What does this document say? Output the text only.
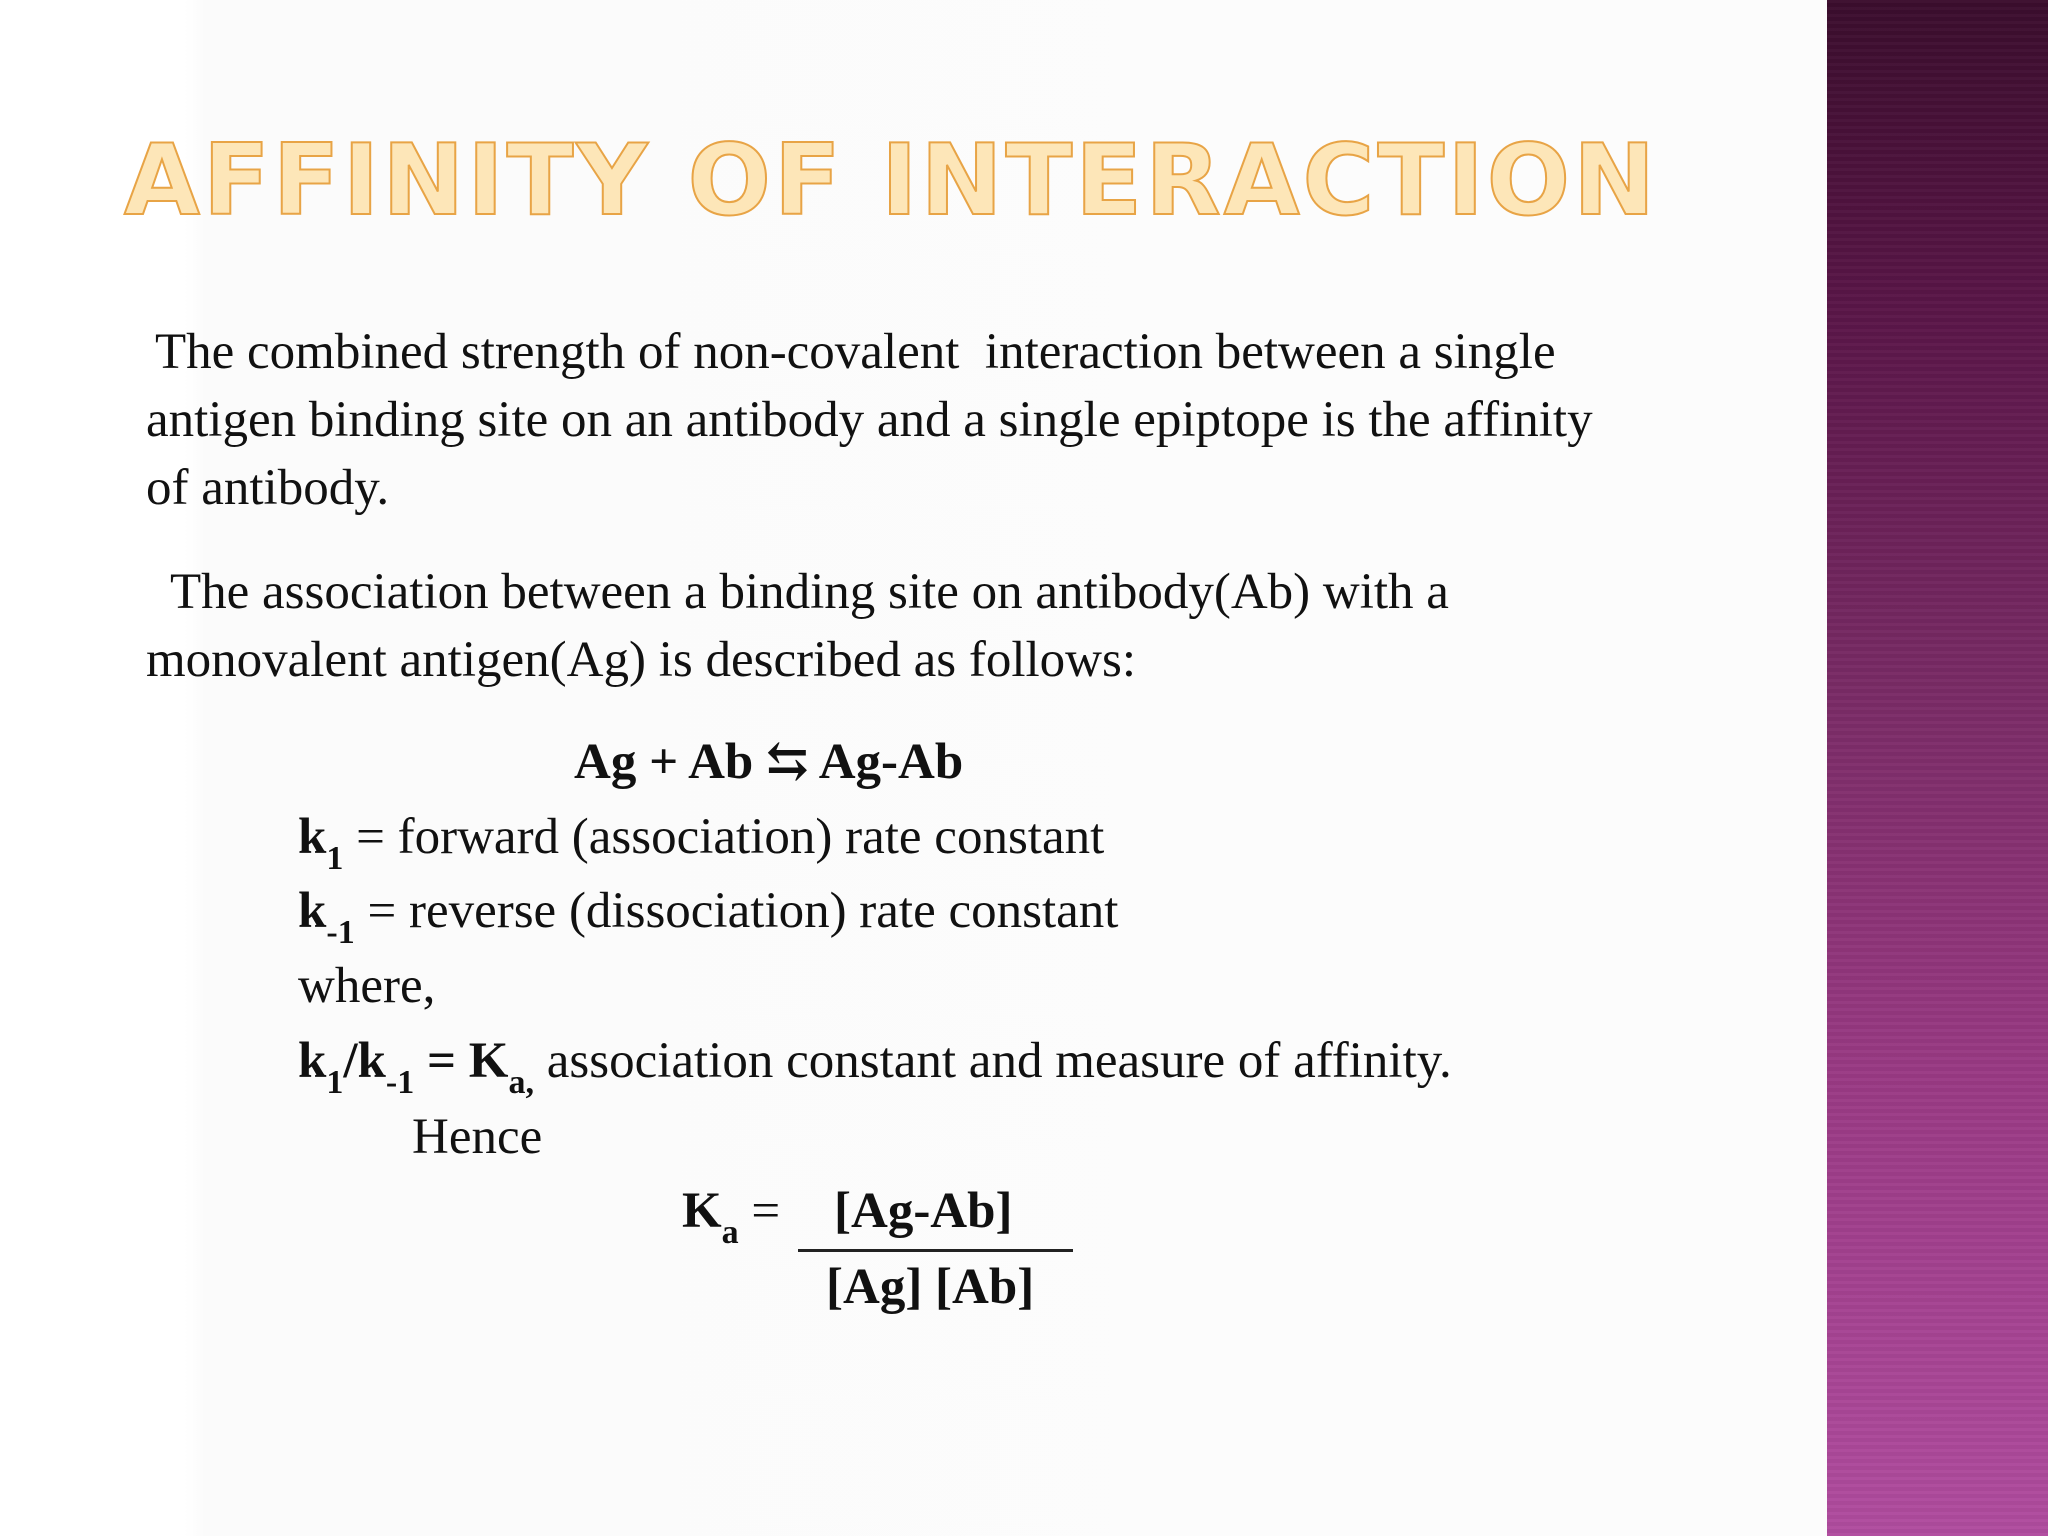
AFFINITY OF INTERACTION

The combined strength of non-covalent  interaction between a single
antigen binding site on an antibody and a single epiptope is the affinity
of antibody.

The association between a binding site on antibody(Ab) with a
monovalent antigen(Ag) is described as follows:

Ag + Ab ⇆ Ag-Ab
$k_1$ = forward (association) rate constant
$k_{-1}$ = reverse (dissociation) rate constant
where,
$k_1/k_{-1} = K_{a,}$ association constant and measure of affinity.
Hence
$K_a = [Ag-Ab]$
[Ag] [Ab]
